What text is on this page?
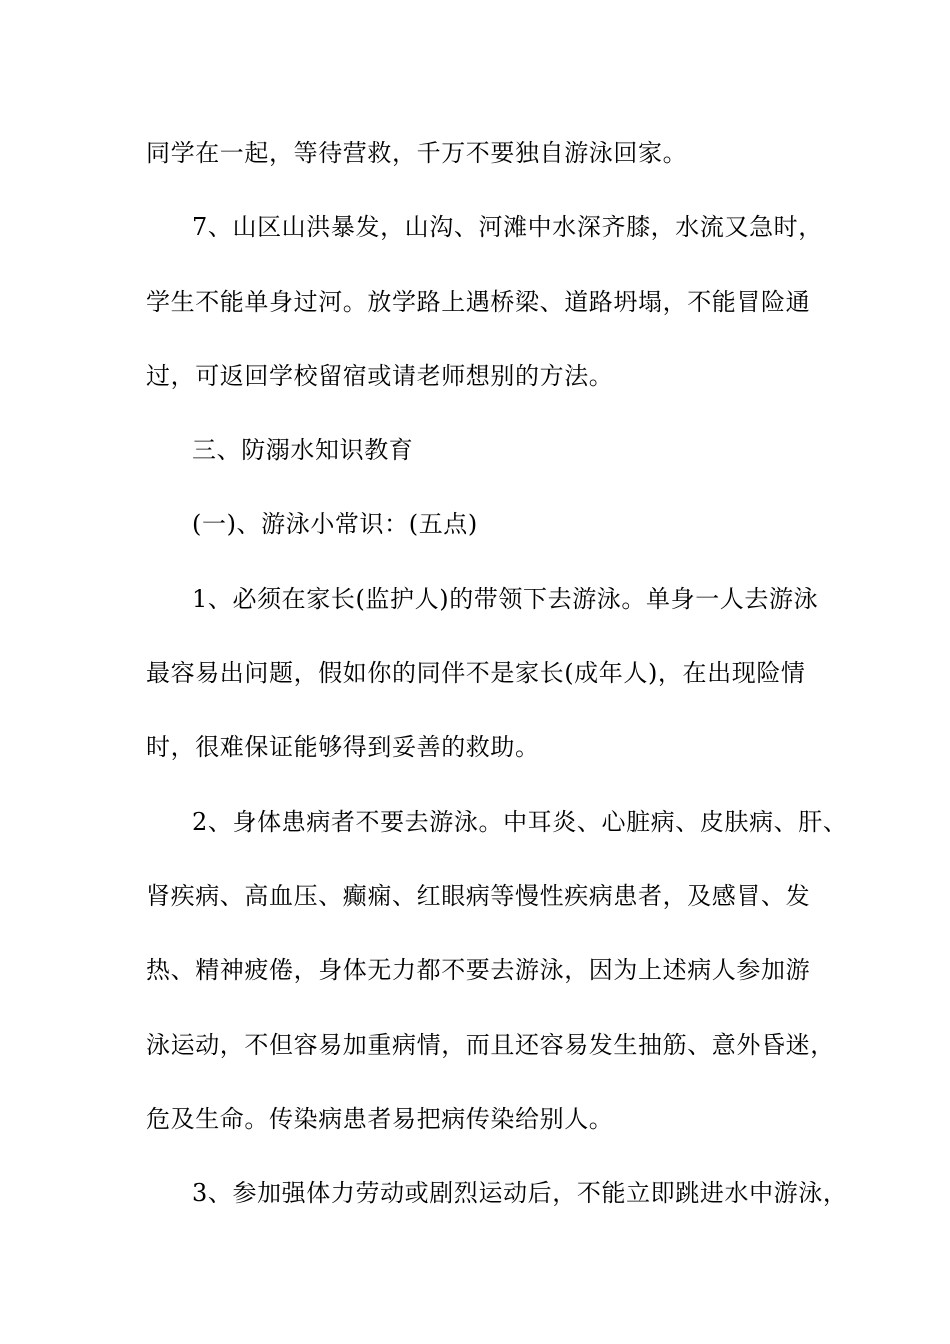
同学在一起，等待营救，千万不要独自游泳回家。
7、山区山洪暴发，山沟、河滩中水深齐膝，水流又急时，
学生不能单身过河。放学路上遇桥梁、道路坍塌，不能冒险通
过，可返回学校留宿或请老师想别的方法。
三、防溺水知识教育
(一)、游泳小常识：(五点)
1、必须在家长(监护人)的带领下去游泳。单身一人去游泳
最容易出问题，假如你的同伴不是家长(成年人)，在出现险情
时，很难保证能够得到妥善的救助。
2、身体患病者不要去游泳。中耳炎、心脏病、皮肤病、肝、
肾疾病、高血压、癫痫、红眼病等慢性疾病患者，及感冒、发
热、精神疲倦，身体无力都不要去游泳，因为上述病人参加游
泳运动，不但容易加重病情，而且还容易发生抽筋、意外昏迷，
危及生命。传染病患者易把病传染给别人。
3、参加强体力劳动或剧烈运动后，不能立即跳进水中游泳，
